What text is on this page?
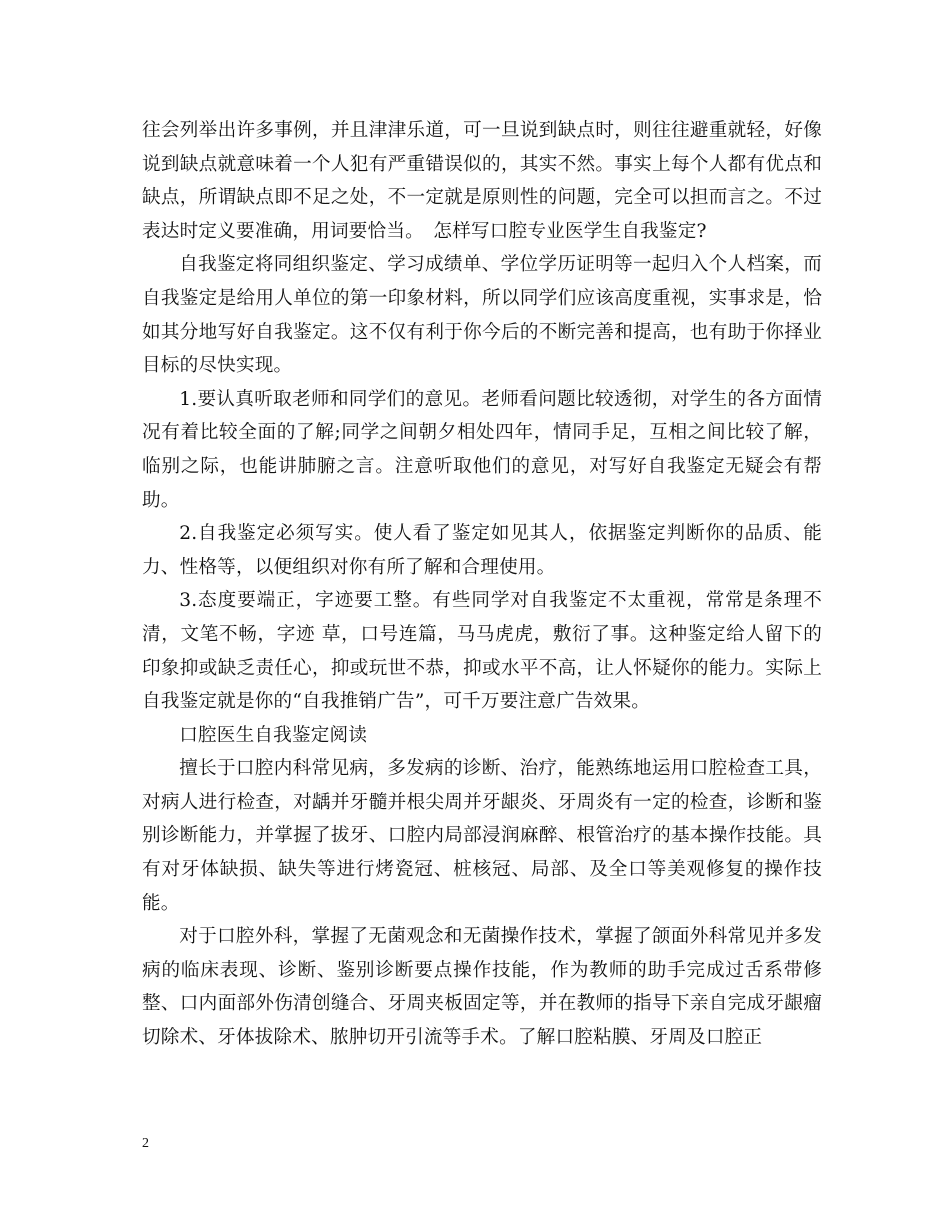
往会列举出许多事例，并且津津乐道，可一旦说到缺点时，则往往避重就轻，好像说到缺点就意味着一个人犯有严重错误似的，其实不然。事实上每个人都有优点和缺点，所谓缺点即不足之处，不一定就是原则性的问题，完全可以担而言之。不过表达时定义要准确，用词要恰当。　怎样写口腔专业医学生自我鉴定?

自我鉴定将同组织鉴定、学习成绩单、学位学历证明等一起归入个人档案，而自我鉴定是给用人单位的第一印象材料，所以同学们应该高度重视，实事求是，恰如其分地写好自我鉴定。这不仅有利于你今后的不断完善和提高，也有助于你择业目标的尽快实现。

1.要认真听取老师和同学们的意见。老师看问题比较透彻，对学生的各方面情况有着比较全面的了解;同学之间朝夕相处四年，情同手足，互相之间比较了解，临别之际，也能讲肺腑之言。注意听取他们的意见，对写好自我鉴定无疑会有帮助。

2.自我鉴定必须写实。使人看了鉴定如见其人，依据鉴定判断你的品质、能力、性格等，以便组织对你有所了解和合理使用。

3.态度要端正，字迹要工整。有些同学对自我鉴定不太重视，常常是条理不清，文笔不畅，字迹 草，口号连篇，马马虎虎，敷衍了事。这种鉴定给人留下的印象抑或缺乏责任心，抑或玩世不恭，抑或水平不高，让人怀疑你的能力。实际上自我鉴定就是你的“自我推销广告”，可千万要注意广告效果。

口腔医生自我鉴定阅读

擅长于口腔内科常见病，多发病的诊断、治疗，能熟练地运用口腔检查工具，对病人进行检查，对龋并牙髓并根尖周并牙龈炎、牙周炎有一定的检查，诊断和鉴别诊断能力，并掌握了拔牙、口腔内局部浸润麻醉、根管治疗的基本操作技能。具有对牙体缺损、缺失等进行烤瓷冠、桩核冠、局部、及全口等美观修复的操作技能。

对于口腔外科，掌握了无菌观念和无菌操作技术，掌握了颌面外科常见并多发病的临床表现、诊断、鉴别诊断要点操作技能，作为教师的助手完成过舌系带修整、口内面部外伤清创缝合、牙周夹板固定等，并在教师的指导下亲自完成牙龈瘤切除术、牙体拔除术、脓肿切开引流等手术。了解口腔粘膜、牙周及口腔正

2
